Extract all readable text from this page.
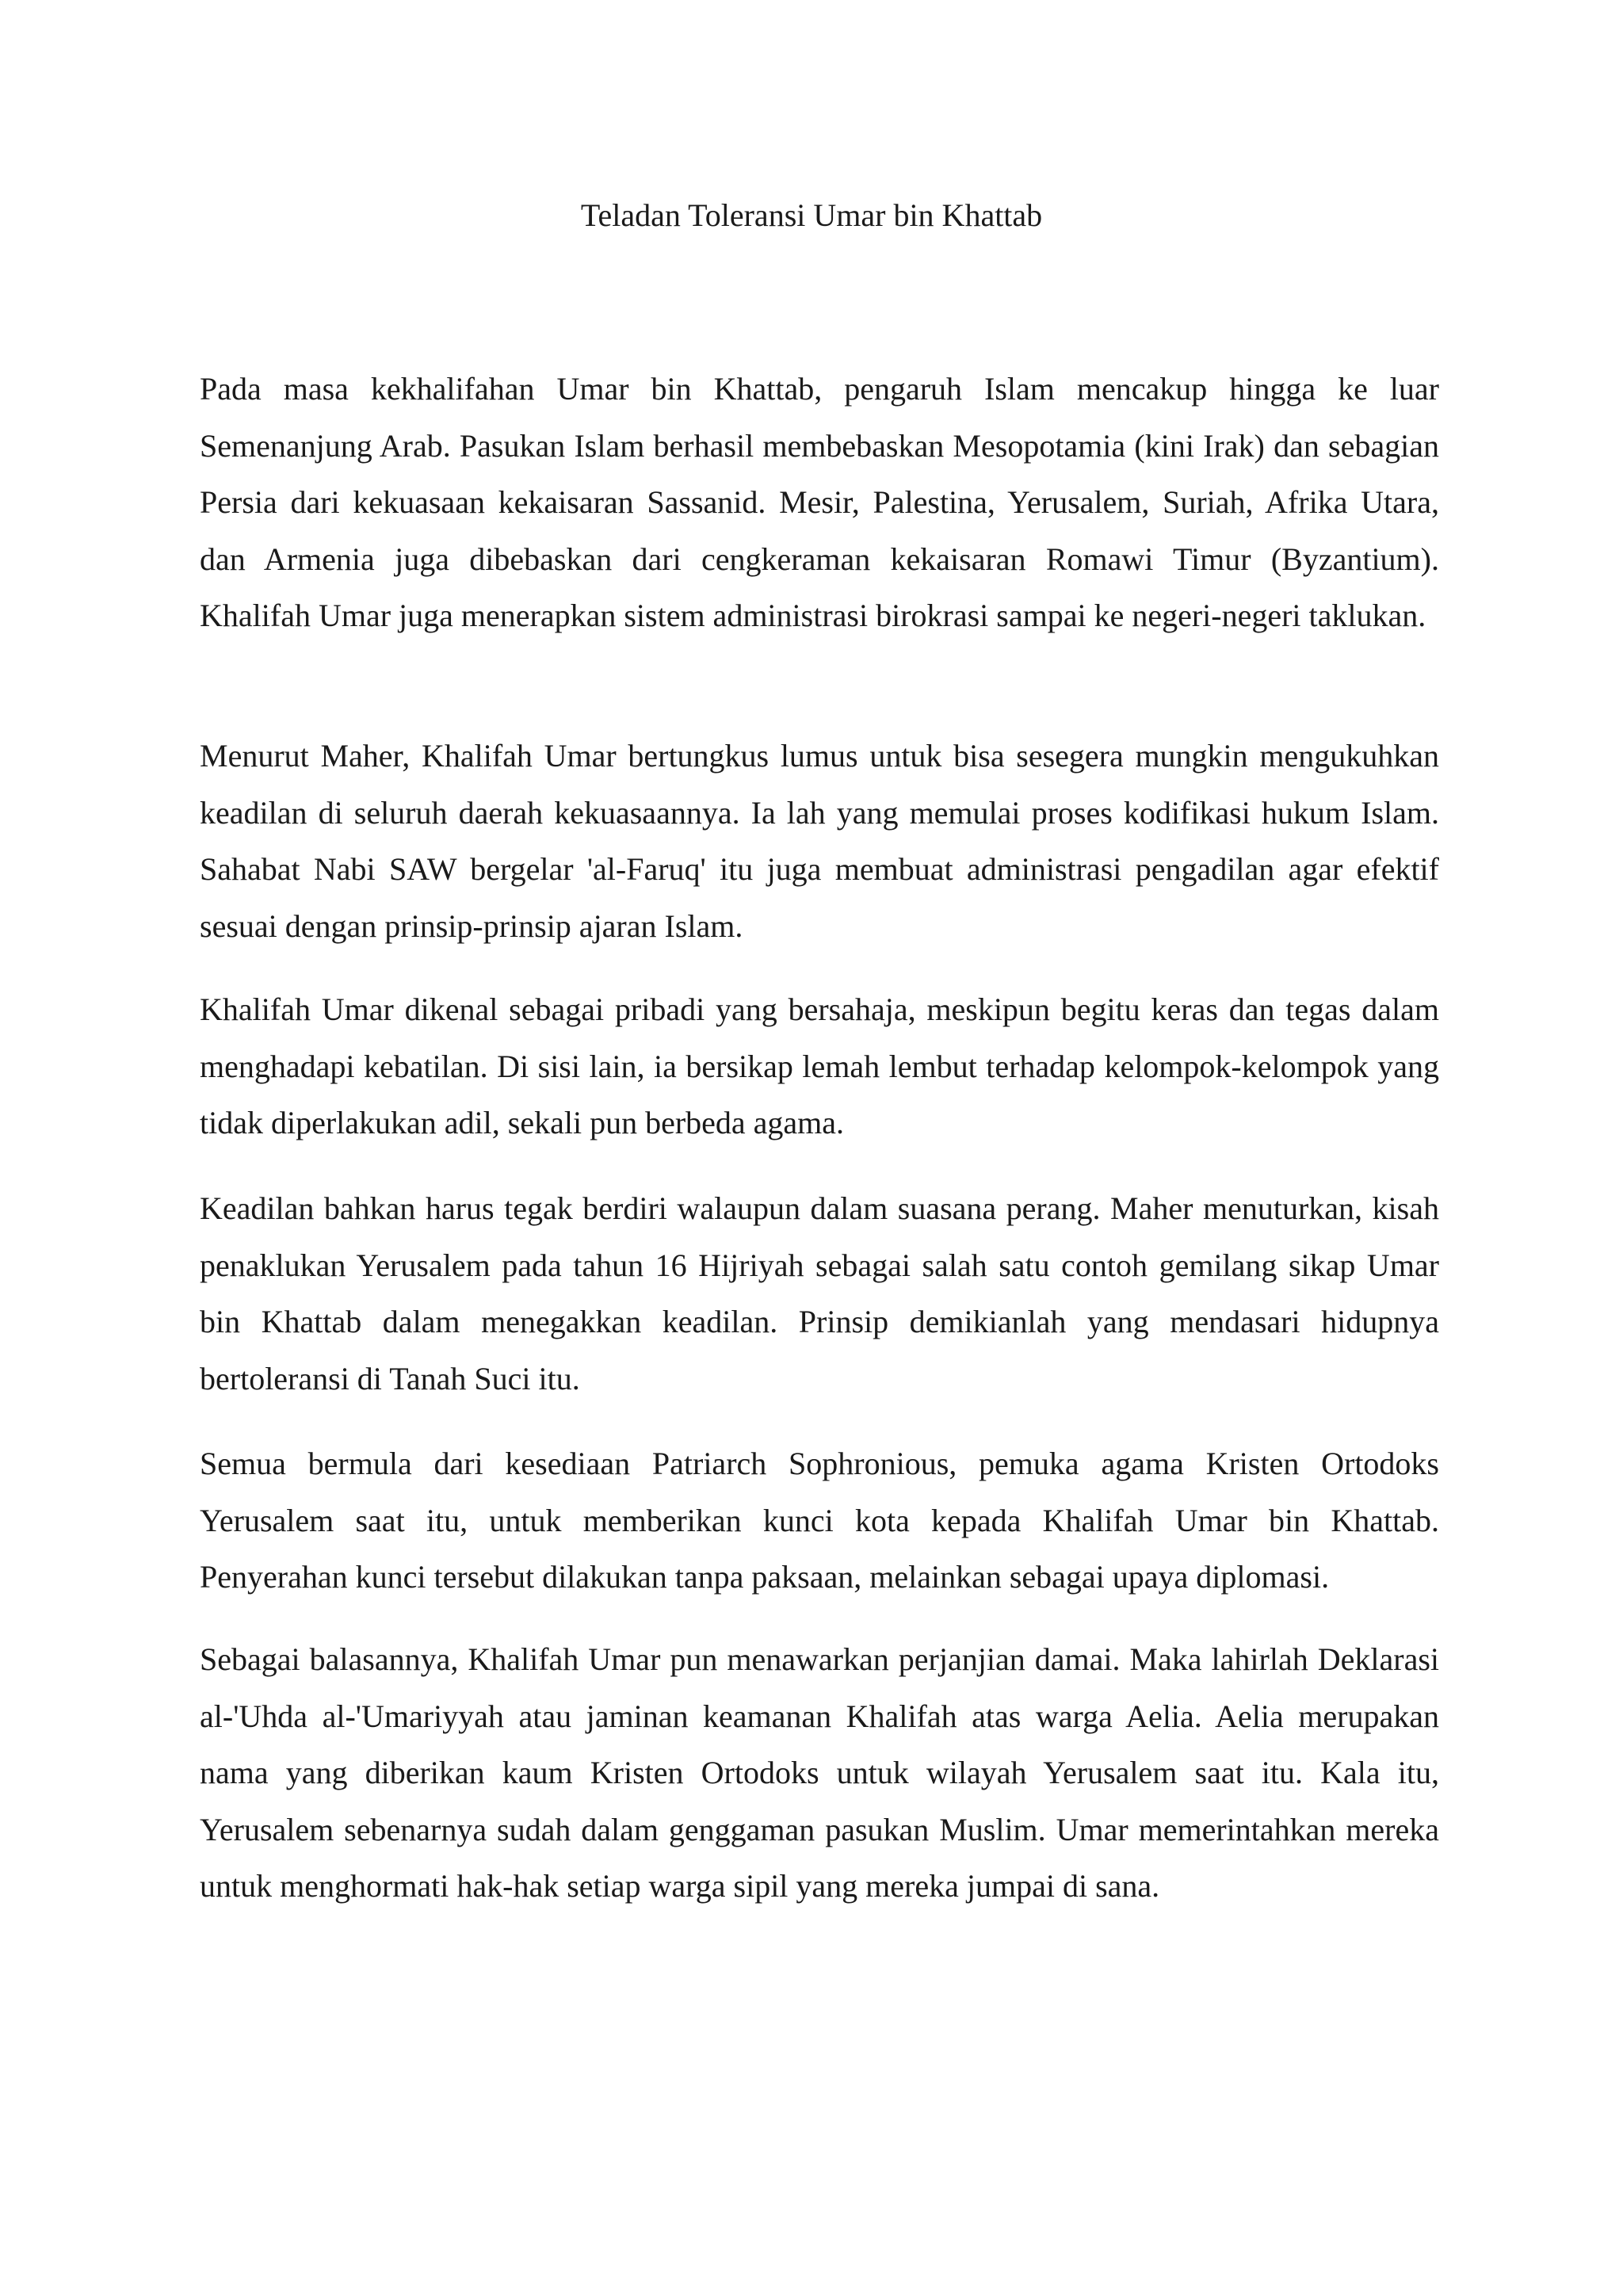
Teladan Toleransi Umar bin Khattab

Pada masa kekhalifahan Umar bin Khattab, pengaruh Islam mencakup hingga ke luar Semenanjung Arab. Pasukan Islam berhasil membebaskan Mesopotamia (kini Irak) dan sebagian Persia dari kekuasaan kekaisaran Sassanid. Mesir, Palestina, Yerusalem, Suriah, Afrika Utara, dan Armenia juga dibebaskan dari cengkeraman kekaisaran Romawi Timur (Byzantium). Khalifah Umar juga menerapkan sistem administrasi birokrasi sampai ke negeri-negeri taklukan.

Menurut Maher, Khalifah Umar bertungkus lumus untuk bisa sesegera mungkin mengukuhkan keadilan di seluruh daerah kekuasaannya. Ia lah yang memulai proses kodifikasi hukum Islam. Sahabat Nabi SAW bergelar 'al-Faruq' itu juga membuat administrasi pengadilan agar efektif sesuai dengan prinsip-prinsip ajaran Islam.

Khalifah Umar dikenal sebagai pribadi yang bersahaja, meskipun begitu keras dan tegas dalam menghadapi kebatilan. Di sisi lain, ia bersikap lemah lembut terhadap kelompok-kelompok yang tidak diperlakukan adil, sekali pun berbeda agama.

Keadilan bahkan harus tegak berdiri walaupun dalam suasana perang. Maher menuturkan, kisah penaklukan Yerusalem pada tahun 16 Hijriyah sebagai salah satu contoh gemilang sikap Umar bin Khattab dalam menegakkan keadilan. Prinsip demikianlah yang mendasari hidupnya bertoleransi di Tanah Suci itu.

Semua bermula dari kesediaan Patriarch Sophronious, pemuka agama Kristen Ortodoks Yerusalem saat itu, untuk memberikan kunci kota kepada Khalifah Umar bin Khattab. Penyerahan kunci tersebut dilakukan tanpa paksaan, melainkan sebagai upaya diplomasi.

Sebagai balasannya, Khalifah Umar pun menawarkan perjanjian damai. Maka lahirlah Deklarasi al-'Uhda al-'Umariyyah atau jaminan keamanan Khalifah atas warga Aelia. Aelia merupakan nama yang diberikan kaum Kristen Ortodoks untuk wilayah Yerusalem saat itu. Kala itu, Yerusalem sebenarnya sudah dalam genggaman pasukan Muslim. Umar memerintahkan mereka untuk menghormati hak-hak setiap warga sipil yang mereka jumpai di sana.
